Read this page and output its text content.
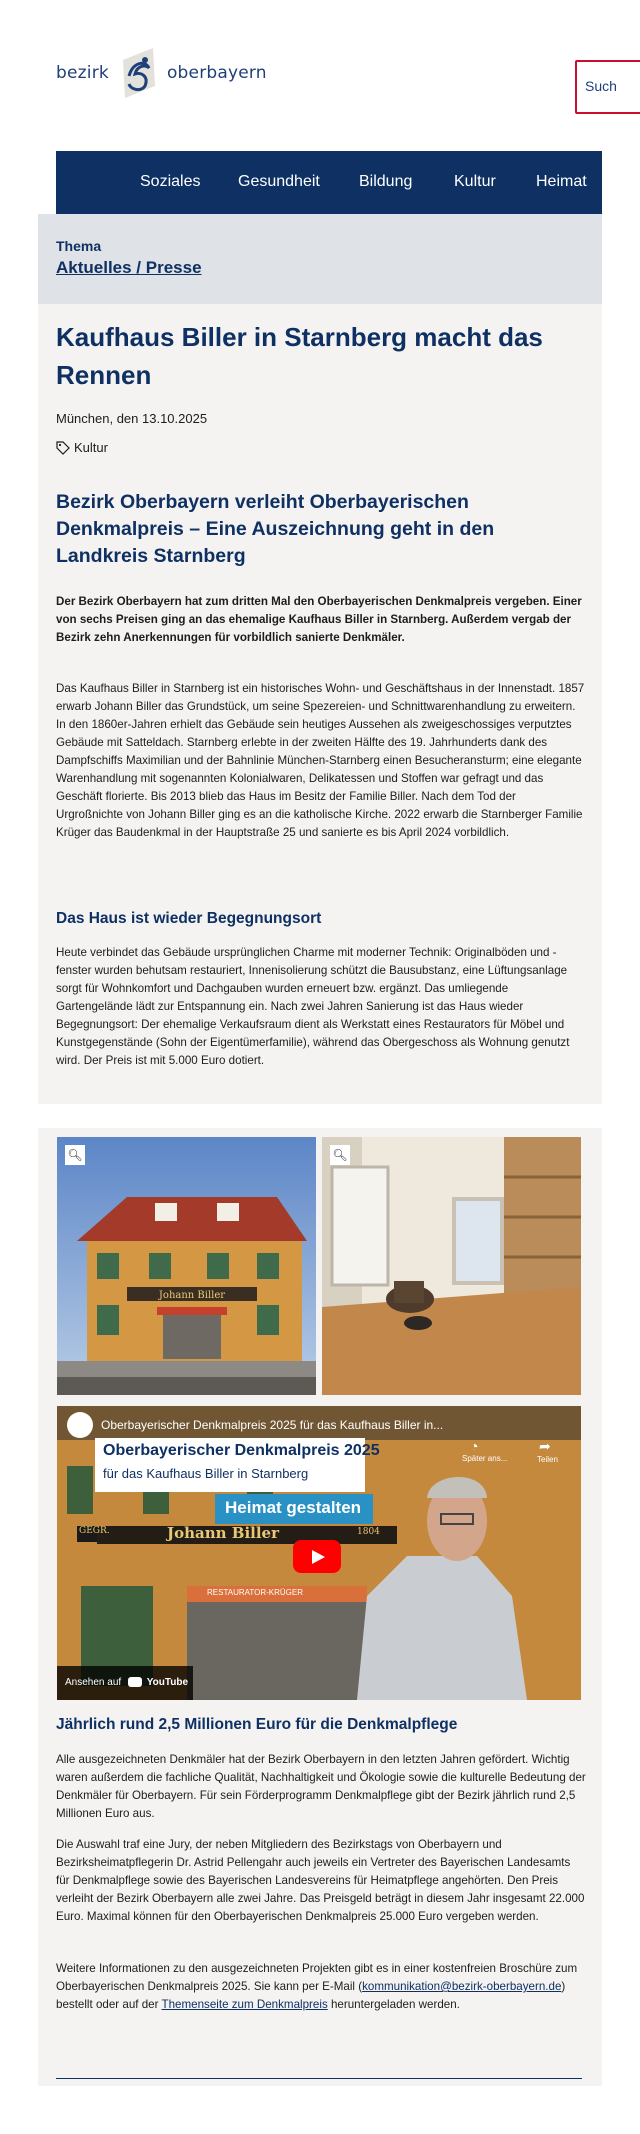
bezirk	oberbayern
Such
Soziales Gesundheit Bildung	Kultur	Heimat
Thema
Aktuelles / Presse
Kaufhaus Biller in Starnberg macht das Rennen
München, den 13.10.2025
Kultur
Bezirk Oberbayern verleiht Oberbayerischen Denkmalpreis – Eine Auszeichnung geht in den Landkreis Starnberg

Der Bezirk Oberbayern hat zum dritten Mal den Oberbayerischen Denkmalpreis vergeben. Einer von sechs Preisen ging an das ehemalige Kaufhaus Biller in Starnberg. Außerdem vergab der Bezirk zehn Anerkennungen für vorbildlich sanierte Denkmäler.

Das Kaufhaus Biller in Starnberg ist ein historisches Wohn- und Geschäftshaus in der Innenstadt. 1857 erwarb Johann Biller das Grundstück, um seine Spezereien- und Schnittwarenhandlung zu erweitern. In den 1860er-Jahren erhielt das Gebäude sein heutiges Aussehen als zweigeschossiges verputztes Gebäude mit Satteldach. Starnberg erlebte in der zweiten Hälfte des 19. Jahrhunderts dank des Dampfschiffs Maximilian und der Bahnlinie München-Starnberg einen Besucheransturm; eine elegante Warenhandlung mit sogenannten Kolonialwaren, Delikatessen und Stoffen war gefragt und das Geschäft florierte. Bis 2013 blieb das Haus im Besitz der Familie Biller. Nach dem Tod der Urgroßnichte von Johann Biller ging es an die katholische Kirche. 2022 erwarb die Starnberger Familie Krüger das Baudenkmal in der Hauptstraße 25 und sanierte es bis April 2024 vorbildlich.

Das Haus ist wieder Begegnungsort

Heute verbindet das Gebäude ursprünglichen Charme mit moderner Technik: Originalböden und -fenster wurden behutsam restauriert, Innenisolierung schützt die Bausubstanz, eine Lüftungsanlage sorgt für Wohnkomfort und Dachgauben wurden erneuert bzw. ergänzt. Das umliegende Gartengelände lädt zur Entspannung ein. Nach zwei Jahren Sanierung ist das Haus wieder Begegnungsort: Der ehemalige Verkaufsraum dient als Werkstatt eines Restaurators für Möbel und Kunstgegenstände (Sohn der Eigentümerfamilie), während das Obergeschoss als Wohnung genutzt wird. Der Preis ist mit 5.000 Euro dotiert.

Johann Biller
🔍︎	🔍︎
Oberbayerischer Denkmalpreis 2025 für das Kaufhaus Biller in...
◔
Später ans...
➦
Teilen
Oberbayerischer Denkmalpreis 2025
für das Kaufhaus Biller in Starnberg
Heimat gestalten
GEGR.	Johann Biller	1804
RESTAURATOR-KRÜGER
Ansehen auf	YouTube
Jährlich rund 2,5 Millionen Euro für die Denkmalpflege

Alle ausgezeichneten Denkmäler hat der Bezirk Oberbayern in den letzten Jahren gefördert. Wichtig waren außerdem die fachliche Qualität, Nachhaltigkeit und Ökologie sowie die kulturelle Bedeutung der Denkmäler für Oberbayern. Für sein Förderprogramm Denkmalpflege gibt der Bezirk jährlich rund 2,5 Millionen Euro aus.

Die Auswahl traf eine Jury, der neben Mitgliedern des Bezirkstags von Oberbayern und Bezirksheimatpflegerin Dr. Astrid Pellengahr auch jeweils ein Vertreter des Bayerischen Landesamts für Denkmalpflege sowie des Bayerischen Landesvereins für Heimatpflege angehörten. Den Preis verleiht der Bezirk Oberbayern alle zwei Jahre. Das Preisgeld beträgt in diesem Jahr insgesamt 22.000 Euro. Maximal können für den Oberbayerischen Denkmalpreis 25.000 Euro vergeben werden.

Weitere Informationen zu den ausgezeichneten Projekten gibt es in einer kostenfreien Broschüre zum Oberbayerischen Denkmalpreis 2025. Sie kann per E-Mail (kommunikation@bezirk-oberbayern.de) bestellt oder auf der Themenseite zum Denkmalpreis heruntergeladen werden.
